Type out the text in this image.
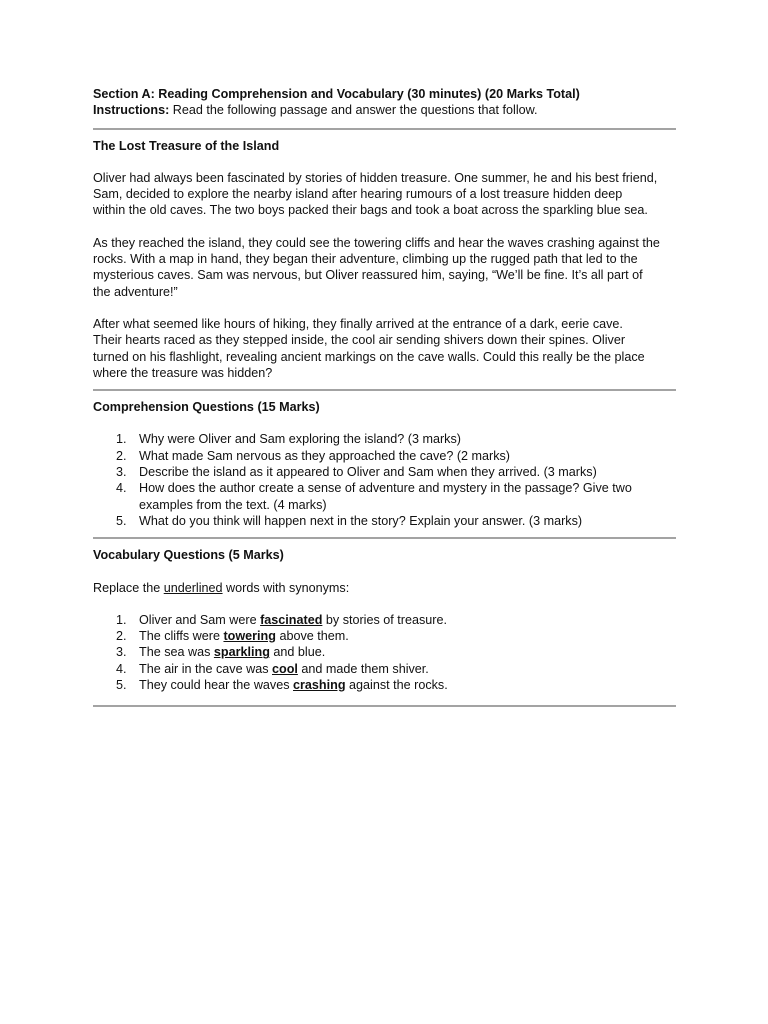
Section A: Reading Comprehension and Vocabulary (30 minutes) (20 Marks Total)

Instructions: Read the following passage and answer the questions that follow.

The Lost Treasure of the Island

Oliver had always been fascinated by stories of hidden treasure. One summer, he and his best friend,

Sam, decided to explore the nearby island after hearing rumours of a lost treasure hidden deep

within the old caves. The two boys packed their bags and took a boat across the sparkling blue sea.

As they reached the island, they could see the towering cliffs and hear the waves crashing against the

rocks. With a map in hand, they began their adventure, climbing up the rugged path that led to the

mysterious caves. Sam was nervous, but Oliver reassured him, saying, “We’ll be fine. It’s all part of

the adventure!”

After what seemed like hours of hiking, they finally arrived at the entrance of a dark, eerie cave.

Their hearts raced as they stepped inside, the cool air sending shivers down their spines. Oliver

turned on his flashlight, revealing ancient markings on the cave walls. Could this really be the place

where the treasure was hidden?

Comprehension Questions (15 Marks)

1. Why were Oliver and Sam exploring the island? (3 marks)
2. What made Sam nervous as they approached the cave? (2 marks)
3. Describe the island as it appeared to Oliver and Sam when they arrived. (3 marks)
4. How does the author create a sense of adventure and mystery in the passage? Give two
examples from the text. (4 marks)
5. What do you think will happen next in the story? Explain your answer. (3 marks)

Vocabulary Questions (5 Marks)

Replace the underlined words with synonyms:

1. Oliver and Sam were fascinated by stories of treasure.
2. The cliffs were towering above them.
3. The sea was sparkling and blue.
4. The air in the cave was cool and made them shiver.
5. They could hear the waves crashing against the rocks.
